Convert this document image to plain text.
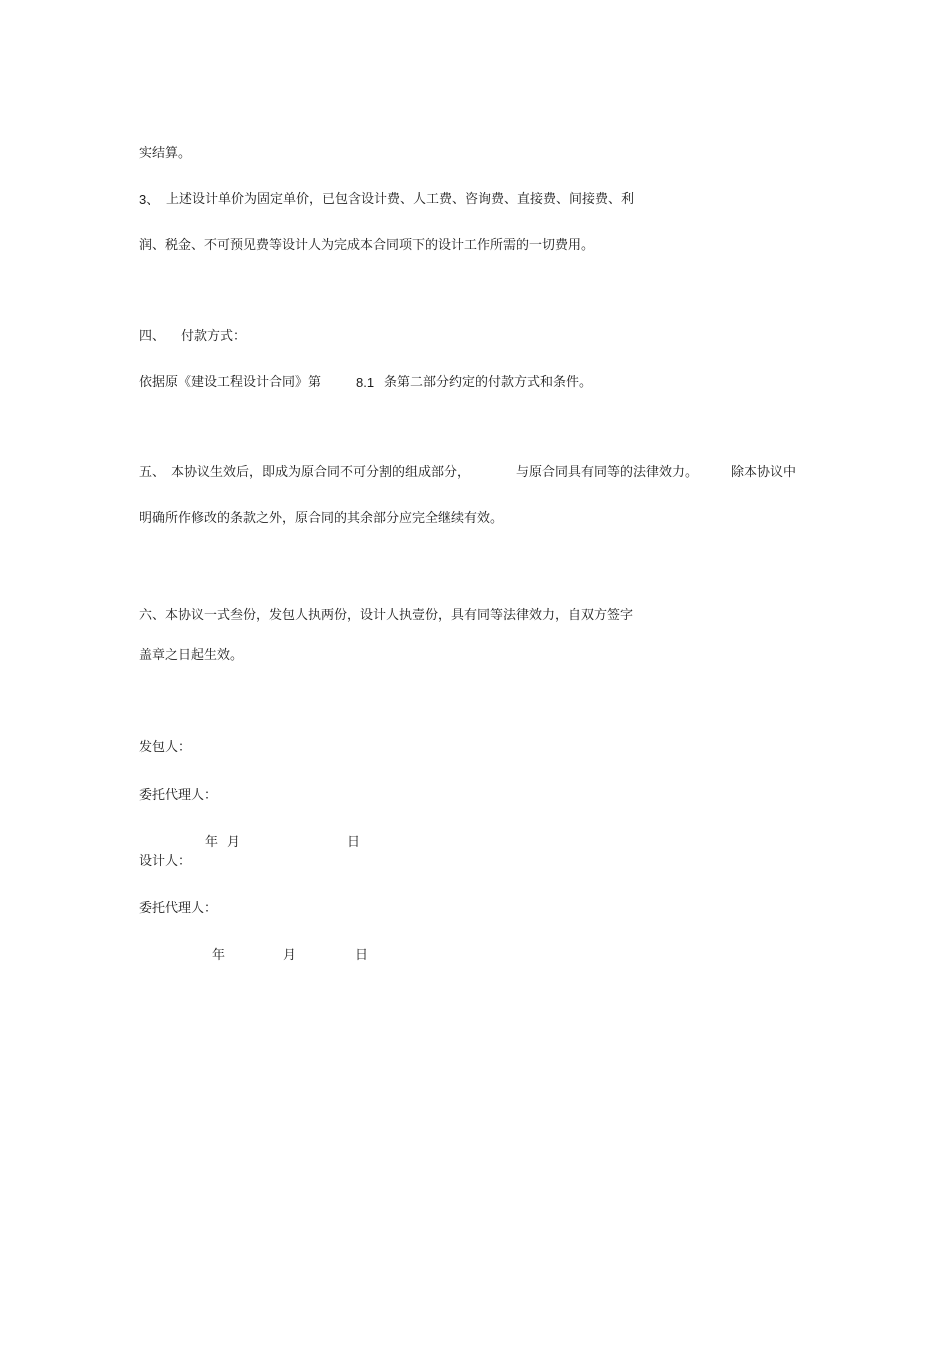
实结算。
3、 上述设计单价为固定单价，已包含设计费、人工费、咨询费、直接费、间接费、利
润、税金、不可预见费等设计人为完成本合同项下的设计工作所需的一切费用。
四、 付款方式：
依据原《建设工程设计合同》第	8.1 条第二部分约定的付款方式和条件。
五、 本协议生效后，即成为原合同不可分割的组成部分，	与原合同具有同等的法律效力。	除本协议中
明确所作修改的条款之外，原合同的其余部分应完全继续有效。
六、本协议一式叁份，发包人执两份，设计人执壹份，具有同等法律效力，自双方签字
盖章之日起生效。
发包人：
委托代理人：
年 月	日
设计人：
委托代理人：
年	月	日
